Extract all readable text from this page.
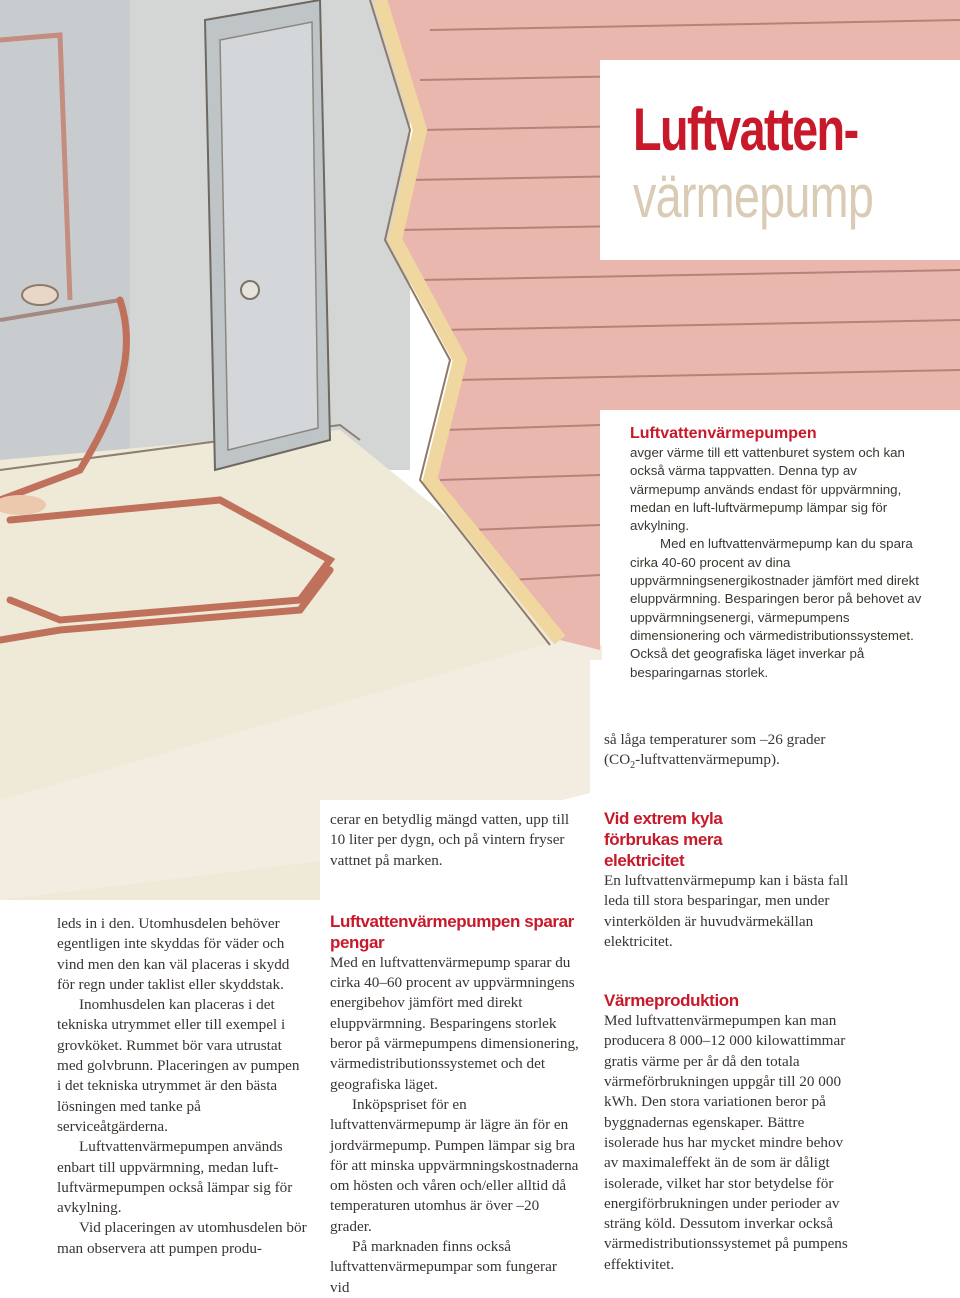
Luftvatten-
värmepump
Luftvattenvärmepumpen

avger värme till ett vattenburet system och kan också värma tappvatten. Denna typ av värmepump används endast för uppvärmning, medan en luft-luftvärmepump lämpar sig för avkylning.

Med en luftvattenvärmepump kan du spara cirka 40-60 procent av dina uppvärmningsenergikostnader jämfört med direkt eluppvärmning. Besparingen beror på behovet av uppvärmningsenergi, värmepumpens dimensionering och värmedistributionssystemet. Också det geografiska läget inverkar på besparingarnas storlek.

så låga temperaturer som –26 grader

$(CO_2-luftvattenvärmepump)$.

leds in i den. Utomhusdelen behöver egentligen inte skyddas för väder och vind men den kan väl placeras i skydd för regn under taklist eller skyddstak.

Inomhusdelen kan placeras i det tekniska utrymmet eller till exempel i grovköket. Rummet bör vara utrustat med golvbrunn. Placeringen av pumpen i det tekniska utrymmet är den bästa lösningen med tanke på serviceåtgärderna.

Luftvattenvärmepumpen används enbart till uppvärmning, medan luft-luftvärmepumpen också lämpar sig för avkylning.

Vid placeringen av utomhusdelen bör man observera att pumpen produ-

cerar en betydlig mängd vatten, upp till 10 liter per dygn, och på vintern fryser vattnet på marken.

Luftvattenvärmepumpen sparar pengar

Med en luftvattenvärmepump sparar du cirka 40–60 procent av uppvärmningens energibehov jämfört med direkt eluppvärmning. Besparingens storlek beror på värmepumpens dimensionering, värmedistributionssystemet och det geografiska läget.

Inköpspriset för en luftvattenvärmepump är lägre än för en jordvärmepump. Pumpen lämpar sig bra för att minska uppvärmningskostnaderna om hösten och våren och/eller alltid då temperaturen utomhus är över –20 grader.

På marknaden finns också luftvattenvärmepumpar som fungerar vid

Vid extrem kyla förbrukas mera elektricitet

En luftvattenvärmepump kan i bästa fall leda till stora besparingar, men under vinterkölden är huvudvärmekällan elektricitet.

Värmeproduktion

Med luftvattenvärmepumpen kan man producera 8 000–12 000 kilowattimmar gratis värme per år då den totala värmeförbrukningen uppgår till 20 000 kWh. Den stora variationen beror på byggnadernas egenskaper. Bättre isolerade hus har mycket mindre behov av maximaleffekt än de som är dåligt isolerade, vilket har stor betydelse för energiförbrukningen under perioder av sträng köld. Dessutom inverkar också värmedistributionssystemet på pumpens effektivitet.
